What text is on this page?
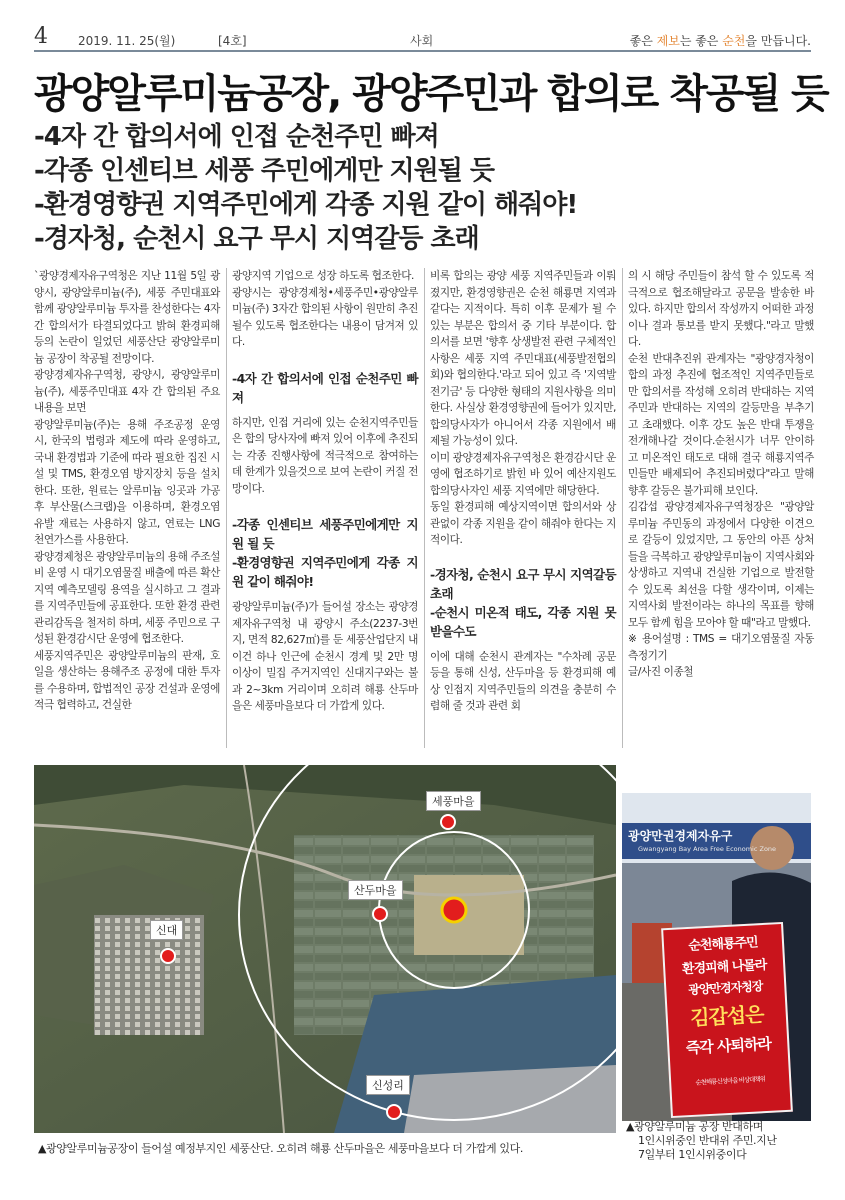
4	2019. 11. 25(월)	[4호]	사회	좋은 제보는 좋은 순천을 만듭니다.
광양알루미늄공장, 광양주민과 합의로 착공될 듯
-4자 간 합의서에 인접 순천주민 빠져
-각종 인센티브 세풍 주민에게만 지원될 듯
-환경영향권 지역주민에게 각종 지원 같이 해줘야!
-경자청, 순천시 요구 무시 지역갈등 초래

`광양경제자유구역청은 지난 11월 5일 광양시, 광양알루미늄(주), 세풍 주민대표와 함께 광양알루미늄 투자를 찬성한다는 4자 간 합의서가 타결되었다고 밝혀 환경피해 등의 논란이 일었던 세풍산단 광양알루미늄 공장이 착공될 전망이다.

광양경제자유구역청, 광양시, 광양알루미늄(주), 세풍주민대표 4자 간 합의된 주요 내용을 보면

광양알루미늄(주)는 용해 주조공정 운영 시, 한국의 법령과 제도에 따라 운영하고, 국내 환경법과 기준에 따라 필요한 집진 시설 및 TMS, 환경오염 방지장치 등을 설치한다. 또한, 원료는 알루미늄 잉곳과 가공 후 부산물(스크랩)을 이용하며, 환경오염 유발 재료는 사용하지 않고, 연료는 LNG 천연가스를 사용한다.

광양경제청은 광양알루미늄의 용해 주조설비 운영 시 대기오염물질 배출에 따른 확산지역 예측모델링 용역을 실시하고 그 결과를 지역주민들에 공표한다. 또한 환경 관련 관리감독을 철저히 하며, 세풍 주민으로 구성된 환경감시단 운영에 협조한다.

세풍지역주민은 광양알루미늄의 판재, 호일을 생산하는 용해주조 공정에 대한 투자를 수용하며, 합법적인 공장 건설과 운영에 적극 협력하고, 건실한

광양지역 기업으로 성장 하도록 협조한다.

광양시는 광양경제청•세풍주민•광양알루미늄(주) 3자간 합의된 사항이 원만히 추진될수 있도록 협조한다는 내용이 담겨져 있다.

-4자 간 합의서에 인접 순천주민 빠져

하지만, 인접 거리에 있는 순천지역주민들은 합의 당사자에 빠져 있어 이후에 추진되는 각종 진행사항에 적극적으로 참여하는데 한계가 있을것으로 보여 논란이 커질 전망이다.

-각종 인센티브 세풍주민에게만 지원 될 듯

-환경영향권 지역주민에게 각종 지원 같이 해줘야!

광양알루미늄(주)가 들어설 장소는 광양경제자유구역청 내 광양시 주소(2237-3번지, 면적 82,627㎡)를 둔 세풍산업단지 내 이건 하나 인근에 순천시 경계 및 2만 명 이상이 밀집 주거지역인 신대지구와는 불과 2~3km 거리이며 오히려 해룡 산두마을은 세풍마을보다 더 가깝게 있다.

비록 합의는 광양 세풍 지역주민들과 이뤄졌지만, 환경영향권은 순천 해룡면 지역과 같다는 지적이다. 특히 이후 문제가 될 수 있는 부분은 합의서 중 기타 부분이다. 합의서를 보면 '향후 상생발전 관련 구체적인 사항은 세풍 지역 주민대표(세풍발전협의회)와 협의한다.'라고 되어 있고 즉 '지역발전기금' 등 다양한 형태의 지원사항을 의미한다. 사실상 환경영향권에 들어가 있지만, 합의당사자가 아니어서 각종 지원에서 배제될 가능성이 있다.

이미 광양경제자유구역청은 환경감시단 운영에 협조하기로 밝힌 바 있어 예산지원도 합의당사자인 세풍 지역에만 해당한다.

동일 환경피해 예상지역이면 합의서와 상관없이 각종 지원을 같이 해줘야 한다는 지적이다.

-경자청, 순천시 요구 무시 지역갈등 초래

-순천시 미온적 태도, 각종 지원 못받을수도

이에 대해 순천시 관계자는 "수차례 공문 등을 통해 신성, 산두마을 등 환경피해 예상 인접지 지역주민들의 의견을 충분히 수렴해 줄 것과 관련 회

의 시 해당 주민들이 참석 할 수 있도록 적극적으로 협조해달라고 공문을 발송한 바 있다. 하지만 합의서 작성까지 어떠한 과정이나 결과 통보를 받지 못했다."라고 말했다.

순천 반대추진위 관계자는 "광양경자청이 합의 과정 추진에 협조적인 지역주민들로만 합의서를 작성해 오히려 반대하는 지역주민과 반대하는 지역의 갈등만을 부추기고 초래했다. 이후 강도 높은 반대 투쟁을 전개해나갈 것이다.순천시가 너무 안이하고 미온적인 태도로 대해 결국 해룡지역주민들만 배제되어 추진되버렸다"라고 말해 향후 갈등은 불가피해 보인다.

김갑섭 광양경제자유구역청장은 "광양알루미늄 주민동의 과정에서 다양한 이견으로 갈등이 있었지만, 그 동안의 아픈 상처들을 극복하고 광양알루미늄이 지역사회와 상생하고 지역내 건실한 기업으로 발전할 수 있도록 최선을 다할 생각이며, 이제는 지역사회 발전이라는 하나의 목표를 향해 모두 함께 힘을 모아야 할 때"라고 말했다.

※ 용어설명 : TMS = 대기오염물질 자동측정기기

글/사진 이종철

세풍마을
산두마을
신대
신성리
광양만권경제자유구
Gwangyang Bay Area Free Economic Zone
순천해룡주민
환경피해 나몰라
광양만경자청장
김갑섭은
즉각 사퇴하라
순천해룡신성마을 비상대책위
▲광양알루미늄공장이 들어설 예정부지인 세풍산단. 오히려 해룡 산두마을은 세풍마을보다 더 가깝게 있다.
▲광양알루미늄 공장 반대하며
1인시위중인 반대위 주민.지난
7일부터 1인시위중이다
